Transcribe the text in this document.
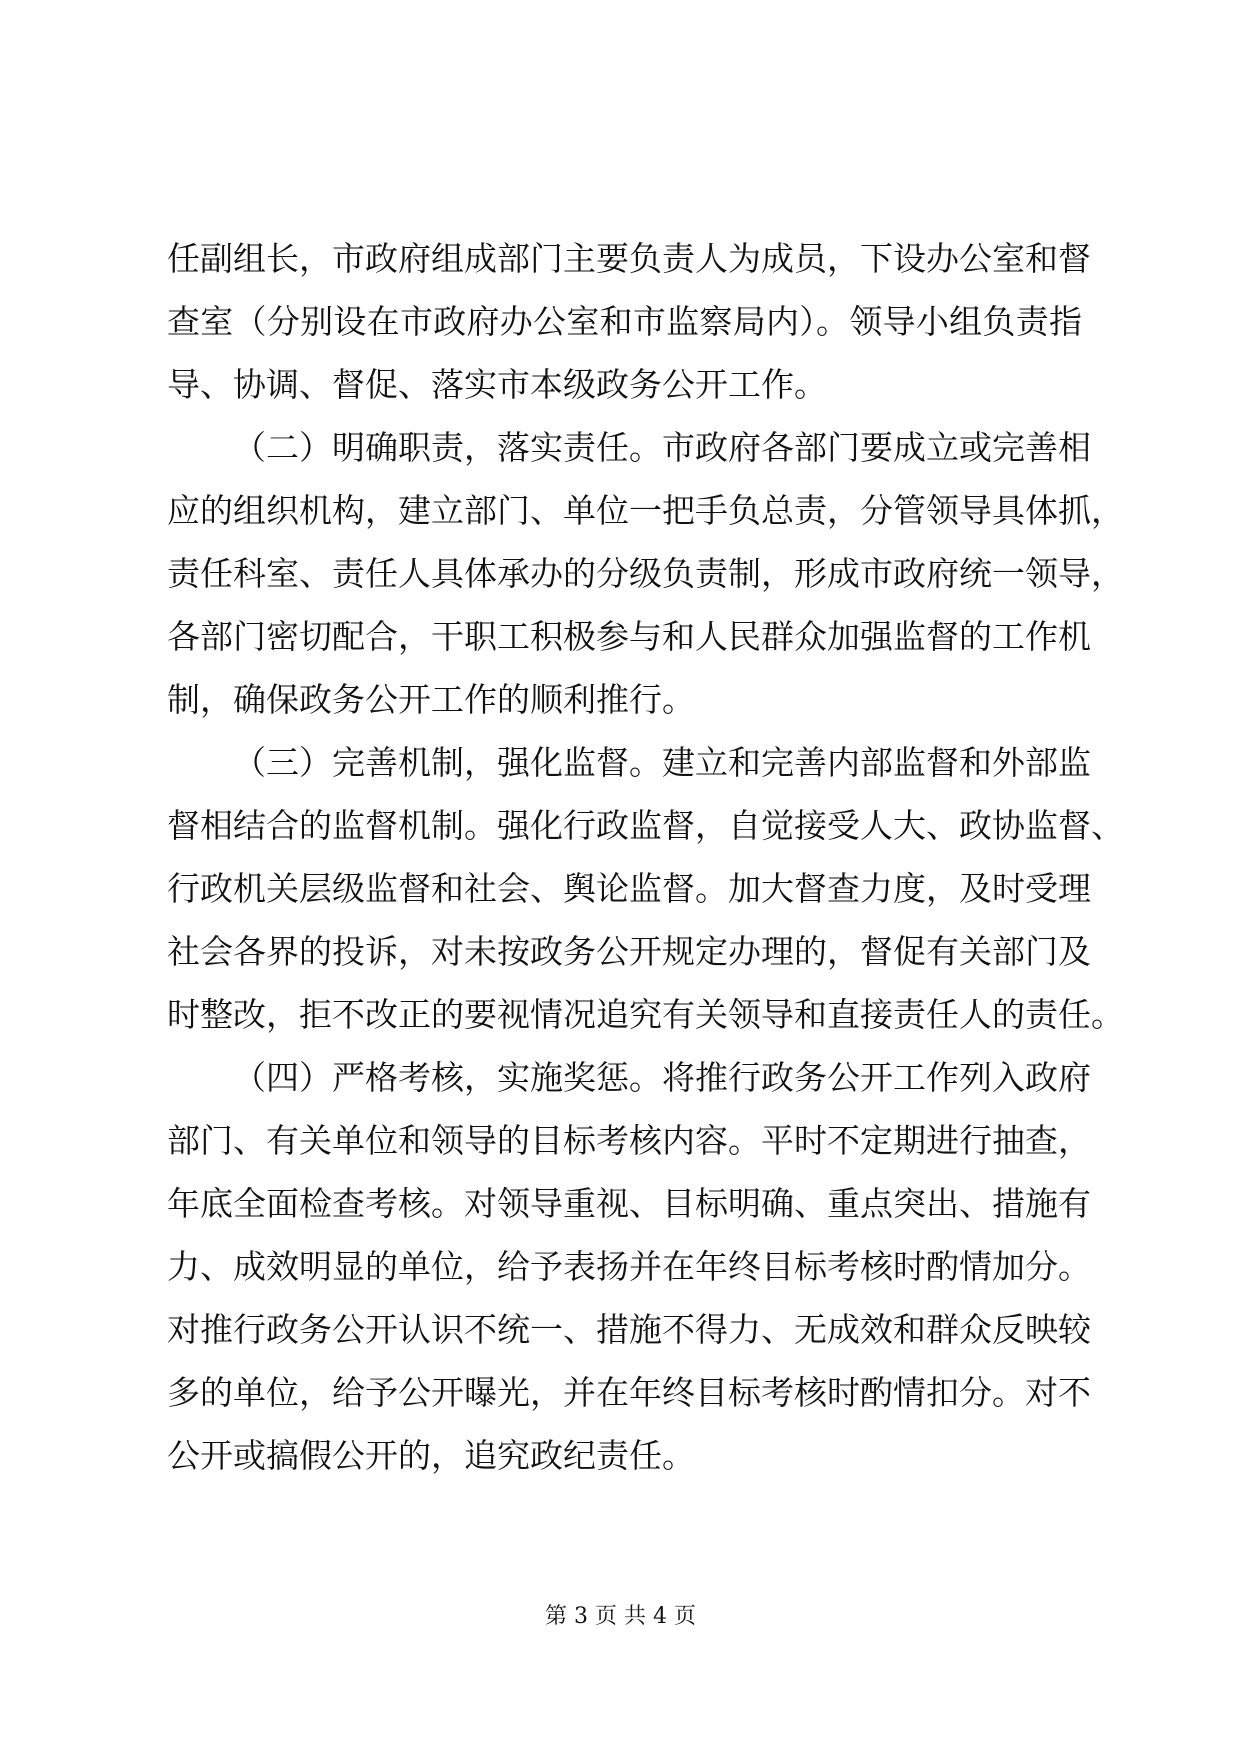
任副组长，市政府组成部门主要负责人为成员，下设办公室和督
查室（分别设在市政府办公室和市监察局内）。领导小组负责指
导、协调、督促、落实市本级政务公开工作。
（二）明确职责，落实责任。市政府各部门要成立或完善相
应的组织机构，建立部门、单位一把手负总责，分管领导具体抓，
责任科室、责任人具体承办的分级负责制，形成市政府统一领导，
各部门密切配合，干职工积极参与和人民群众加强监督的工作机
制，确保政务公开工作的顺利推行。
（三）完善机制，强化监督。建立和完善内部监督和外部监
督相结合的监督机制。强化行政监督，自觉接受人大、政协监督、
行政机关层级监督和社会、舆论监督。加大督查力度，及时受理
社会各界的投诉，对未按政务公开规定办理的，督促有关部门及
时整改，拒不改正的要视情况追究有关领导和直接责任人的责任。
（四）严格考核，实施奖惩。将推行政务公开工作列入政府
部门、有关单位和领导的目标考核内容。平时不定期进行抽查，
年底全面检查考核。对领导重视、目标明确、重点突出、措施有
力、成效明显的单位，给予表扬并在年终目标考核时酌情加分。
对推行政务公开认识不统一、措施不得力、无成效和群众反映较
多的单位，给予公开曝光，并在年终目标考核时酌情扣分。对不
公开或搞假公开的，追究政纪责任。
第 3 页 共 4 页
